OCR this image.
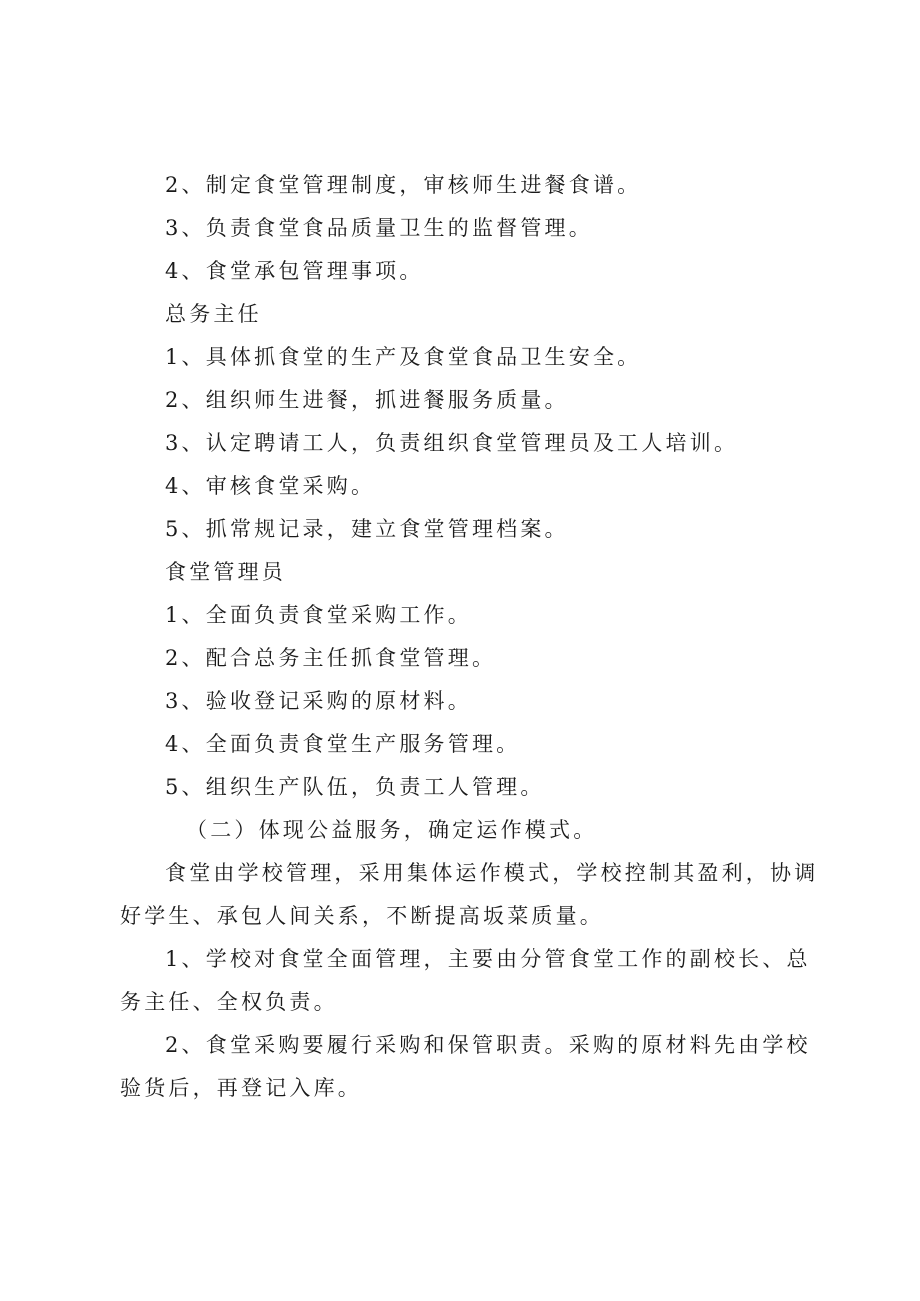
2、制定食堂管理制度，审核师生进餐食谱。

3、负责食堂食品质量卫生的监督管理。

4、食堂承包管理事项。

总务主任

1、具体抓食堂的生产及食堂食品卫生安全。

2、组织师生进餐，抓进餐服务质量。

3、认定聘请工人，负责组织食堂管理员及工人培训。

4、审核食堂采购。

5、抓常规记录，建立食堂管理档案。

食堂管理员

1、全面负责食堂采购工作。

2、配合总务主任抓食堂管理。

3、验收登记采购的原材料。

4、全面负责食堂生产服务管理。

5、组织生产队伍，负责工人管理。

（二）体现公益服务，确定运作模式。

食堂由学校管理，采用集体运作模式，学校控制其盈利，协调好学生、承包人间关系，不断提高坂菜质量。

1、学校对食堂全面管理，主要由分管食堂工作的副校长、总务主任、全权负责。

2、食堂采购要履行采购和保管职责。采购的原材料先由学校验货后，再登记入库。
